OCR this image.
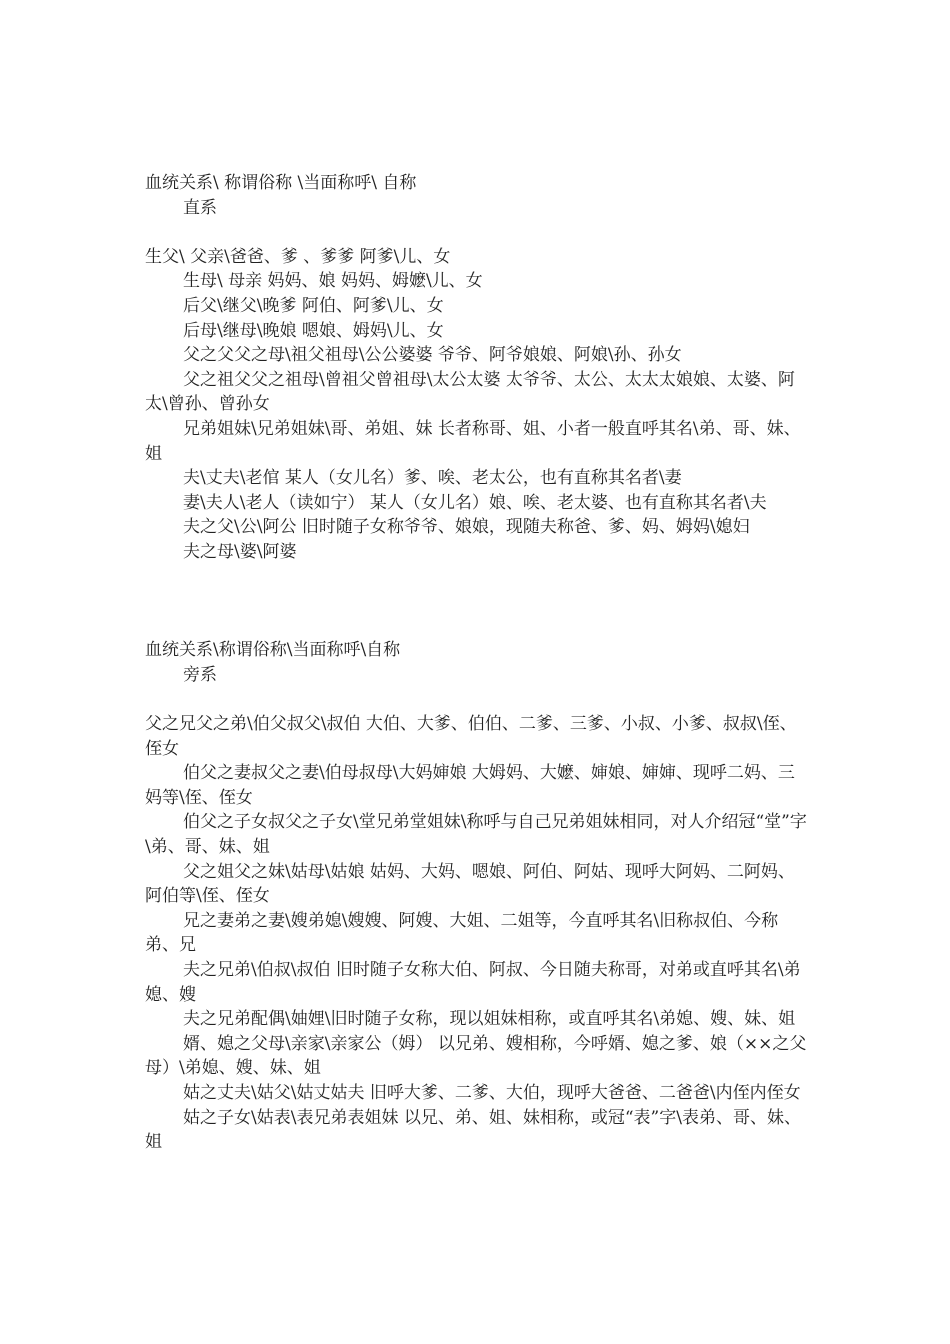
血统关系\ 称谓俗称 \当面称呼\ 自称
直系
生父\ 父亲\爸爸、爹 、爹爹 阿爹\儿、女
生母\ 母亲 妈妈、娘 妈妈、姆嬷\儿、女
后父\继父\晚爹 阿伯、阿爹\儿、女
后母\继母\晚娘 嗯娘、姆妈\儿、女
父之父父之母\祖父祖母\公公婆婆 爷爷、阿爷娘娘、阿娘\孙、孙女
父之祖父父之祖母\曾祖父曾祖母\太公太婆 太爷爷、太公、太太太娘娘、太婆、阿太\曾孙、曾孙女
兄弟姐妹\兄弟姐妹\哥、弟姐、妹 长者称哥、姐、小者一般直呼其名\弟、哥、妹、姐
夫\丈夫\老倌 某人（女儿名）爹、唉、老太公，也有直称其名者\妻
妻\夫人\老人（读如宁） 某人（女儿名）娘、唉、老太婆、也有直称其名者\夫
夫之父\公\阿公 旧时随子女称爷爷、娘娘，现随夫称爸、爹、妈、姆妈\媳妇
夫之母\婆\阿婆
血统关系\称谓俗称\当面称呼\自称
旁系
父之兄父之弟\伯父叔父\叔伯 大伯、大爹、伯伯、二爹、三爹、小叔、小爹、叔叔\侄、侄女
伯父之妻叔父之妻\伯母叔母\大妈婶娘 大姆妈、大嬷、婶娘、婶婶、现呼二妈、三妈等\侄、侄女
伯父之子女叔父之子女\堂兄弟堂姐妹\称呼与自己兄弟姐妹相同，对人介绍冠“堂”字\弟、哥、妹、姐
父之姐父之妹\姑母\姑娘 姑妈、大妈、嗯娘、阿伯、阿姑、现呼大阿妈、二阿妈、阿伯等\侄、侄女
兄之妻弟之妻\嫂弟媳\嫂嫂、阿嫂、大姐、二姐等，今直呼其名\旧称叔伯、今称弟、兄
夫之兄弟\伯叔\叔伯 旧时随子女称大伯、阿叔、今日随夫称哥，对弟或直呼其名\弟媳、嫂
夫之兄弟配偶\妯娌\旧时随子女称，现以姐妹相称，或直呼其名\弟媳、嫂、妹、姐
婿、媳之父母\亲家\亲家公（姆） 以兄弟、嫂相称，今呼婿、媳之爹、娘（××之父母）\弟媳、嫂、妹、姐
姑之丈夫\姑父\姑丈姑夫 旧呼大爹、二爹、大伯，现呼大爸爸、二爸爸\内侄内侄女
姑之子女\姑表\表兄弟表姐妹 以兄、弟、姐、妹相称，或冠“表”字\表弟、哥、妹、姐
